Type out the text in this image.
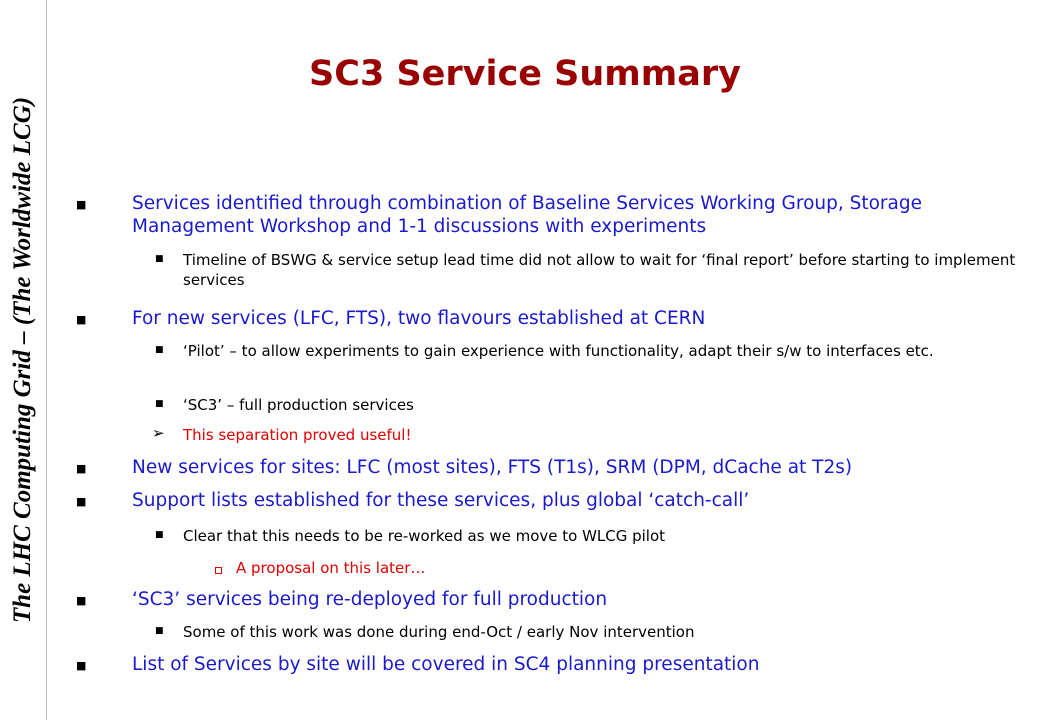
The LHC Computing Grid – (The Worldwide LCG)
SC3 Service Summary
■ Services identified through combination of Baseline Services Working Group, Storage Management Workshop and 1-1 discussions with experiments
■ Timeline of BSWG & service setup lead time did not allow to wait for ‘final report’ before starting to implement services
■ For new services (LFC, FTS), two flavours established at CERN
■ ‘Pilot’ – to allow experiments to gain experience with functionality, adapt their s/w to interfaces etc.
■ ‘SC3’ – full production services
➢ This separation proved useful!
■ New services for sites: LFC (most sites), FTS (T1s), SRM (DPM, dCache at T2s)
■ Support lists established for these services, plus global ‘catch-call’
■ Clear that this needs to be re-worked as we move to WLCG pilot
A proposal on this later…
■ ‘SC3’ services being re-deployed for full production
■ Some of this work was done during end-Oct / early Nov intervention
■ List of Services by site will be covered in SC4 planning presentation
